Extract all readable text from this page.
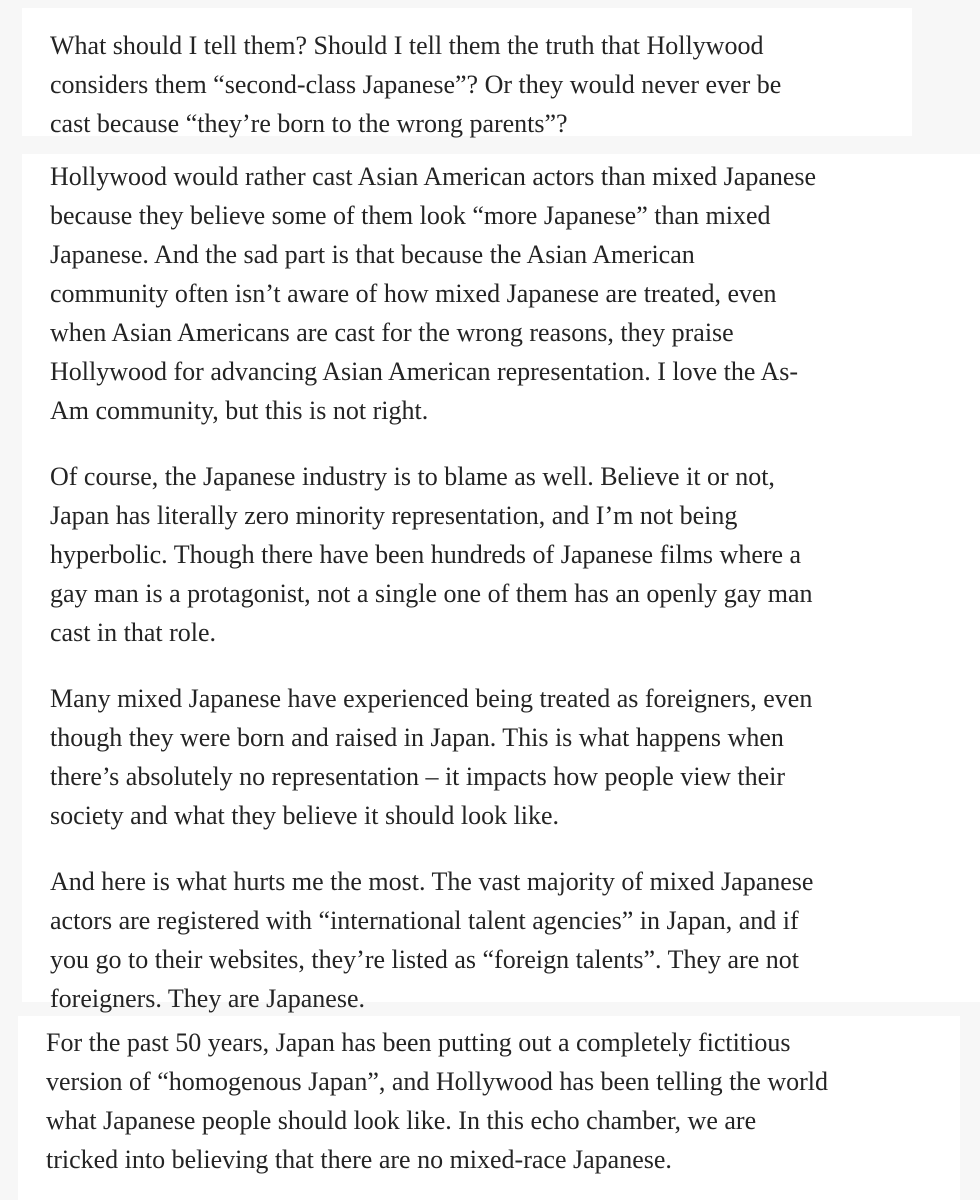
What should I tell them? Should I tell them the truth that Hollywood
considers them “second-class Japanese”? Or they would never ever be
cast because “they’re born to the wrong parents”?

Hollywood would rather cast Asian American actors than mixed Japanese
because they believe some of them look “more Japanese” than mixed
Japanese. And the sad part is that because the Asian American
community often isn’t aware of how mixed Japanese are treated, even
when Asian Americans are cast for the wrong reasons, they praise
Hollywood for advancing Asian American representation. I love the As-
Am community, but this is not right.

Of course, the Japanese industry is to blame as well. Believe it or not,
Japan has literally zero minority representation, and I’m not being
hyperbolic. Though there have been hundreds of Japanese films where a
gay man is a protagonist, not a single one of them has an openly gay man
cast in that role.

Many mixed Japanese have experienced being treated as foreigners, even
though they were born and raised in Japan. This is what happens when
there’s absolutely no representation – it impacts how people view their
society and what they believe it should look like.

And here is what hurts me the most. The vast majority of mixed Japanese
actors are registered with “international talent agencies” in Japan, and if
you go to their websites, they’re listed as “foreign talents”. They are not
foreigners. They are Japanese.

For the past 50 years, Japan has been putting out a completely fictitious
version of “homogenous Japan”, and Hollywood has been telling the world
what Japanese people should look like. In this echo chamber, we are
tricked into believing that there are no mixed-race Japanese.
